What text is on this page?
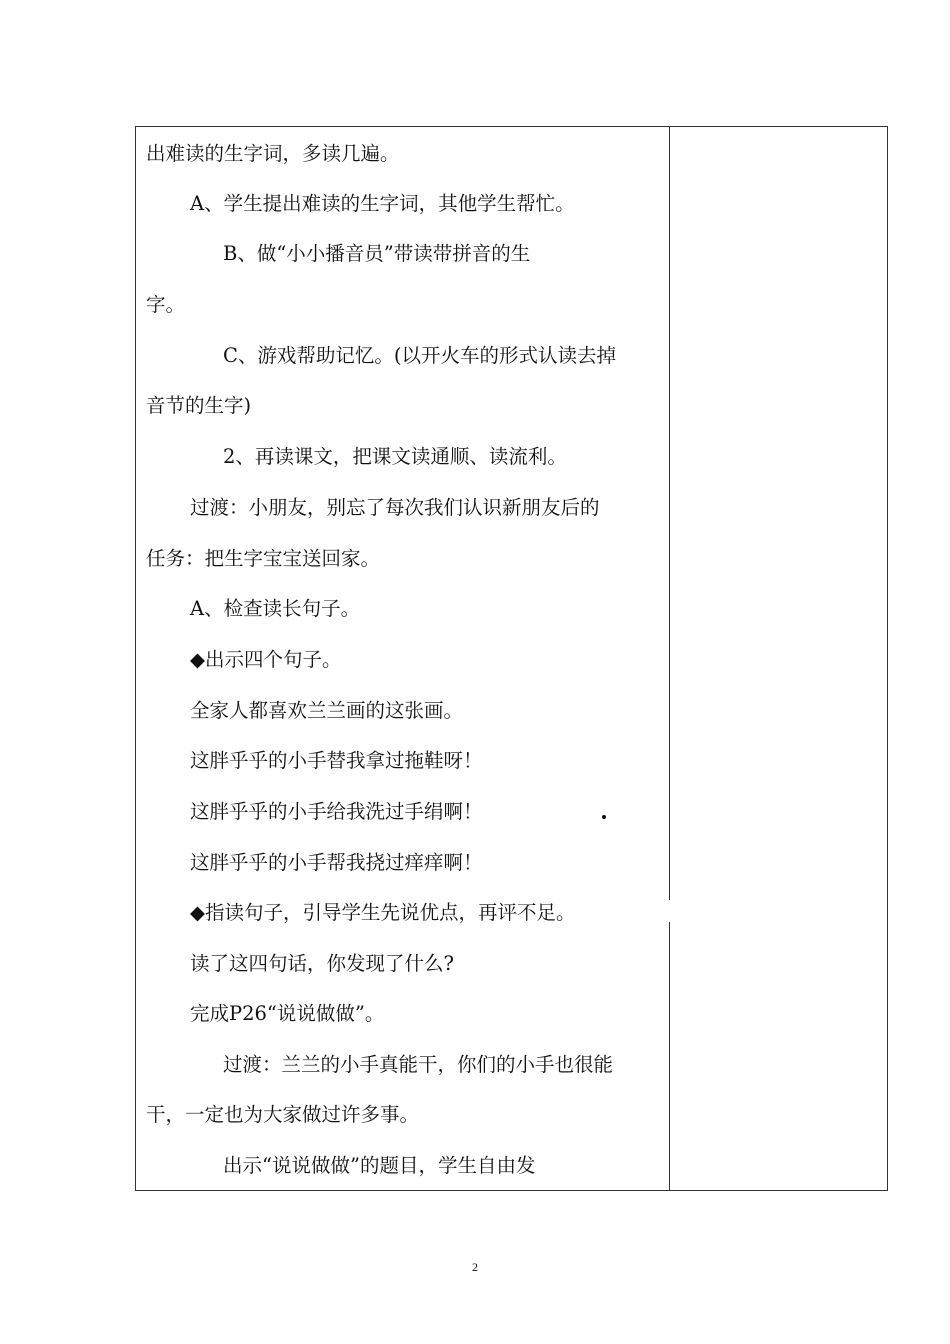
出难读的生字词，多读几遍。
A、学生提出难读的生字词，其他学生帮忙。
B、做“小小播音员”带读带拼音的生
字。
C、游戏帮助记忆。(以开火车的形式认读去掉
音节的生字)
2、再读课文，把课文读通顺、读流利。
过渡：小朋友，别忘了每次我们认识新朋友后的
任务：把生字宝宝送回家。
A、检查读长句子。
◆出示四个句子。
全家人都喜欢兰兰画的这张画。
这胖乎乎的小手替我拿过拖鞋呀！
这胖乎乎的小手给我洗过手绢啊！
这胖乎乎的小手帮我挠过痒痒啊！
◆指读句子，引导学生先说优点，再评不足。
读了这四句话，你发现了什么?
完成P26“说说做做”。
过渡：兰兰的小手真能干，你们的小手也很能
干，一定也为大家做过许多事。
出示“说说做做”的题目，学生自由发
2
